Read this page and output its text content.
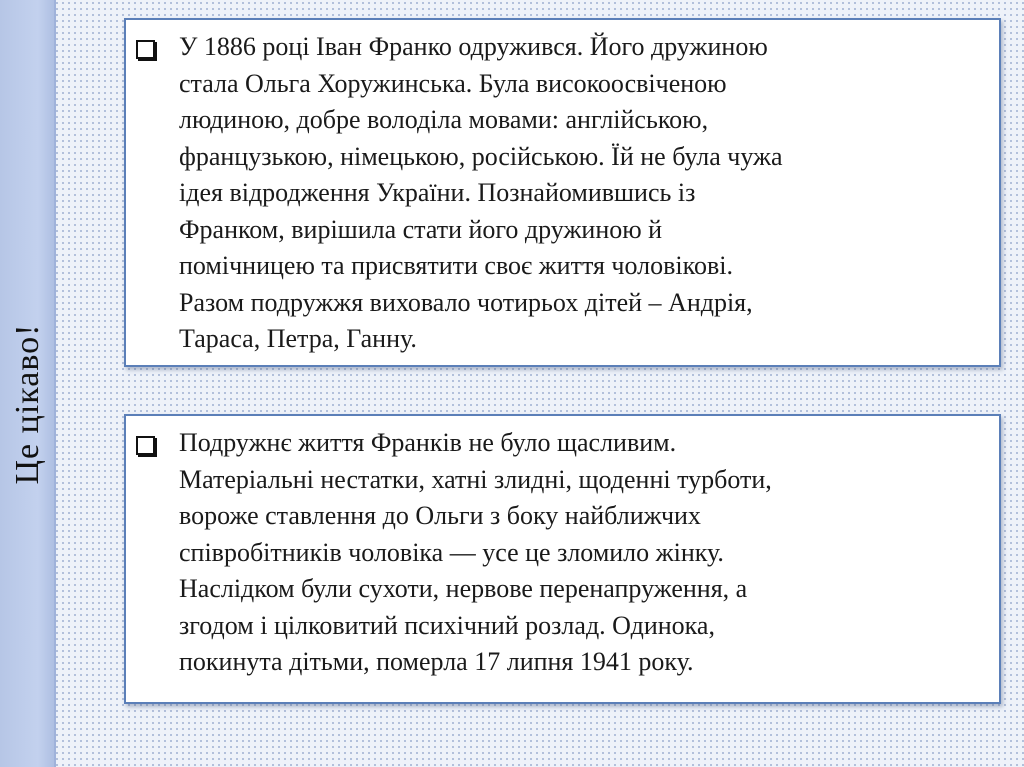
Це цікаво!

У 1886 році Іван Франко одружився. Його дружиною
стала Ольга Хоружинська. Була високоосвіченою
людиною, добре володіла мовами: англійською,
французькою, німецькою, російською. Їй не була чужа
ідея відродження України. Познайомившись із
Франком, вирішила стати його дружиною й
помічницею та присвятити своє життя чоловікові.
Разом подружжя виховало чотирьох дітей – Андрія,
Тараса, Петра, Ганну.

Подружнє життя Франків не було щасливим.
Матеріальні нестатки, хатні злидні, щоденні турботи,
вороже ставлення до Ольги з боку найближчих
співробітників чоловіка — усе це зломило жінку.
Наслідком були сухоти, нервове перенапруження, а
згодом і цілковитий психічний розлад. Одинока,
покинута дітьми, померла 17 липня 1941 року.
